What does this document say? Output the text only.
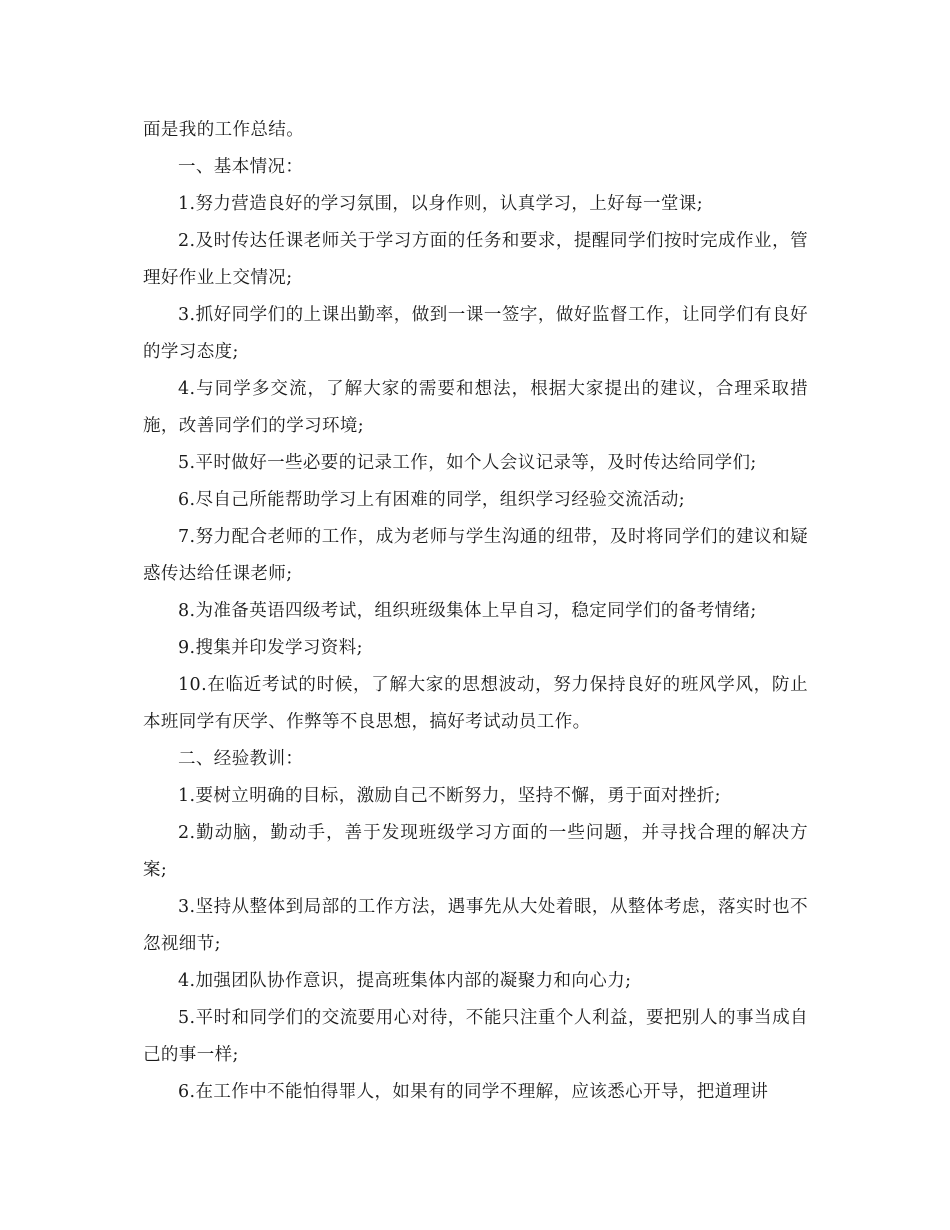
面是我的工作总结。

一、基本情况：

1.努力营造良好的学习氛围，以身作则，认真学习，上好每一堂课;

2.及时传达任课老师关于学习方面的任务和要求，提醒同学们按时完成作业，管理好作业上交情况;

3.抓好同学们的上课出勤率，做到一课一签字，做好监督工作，让同学们有良好的学习态度;

4.与同学多交流，了解大家的需要和想法，根据大家提出的建议，合理采取措施，改善同学们的学习环境;

5.平时做好一些必要的记录工作，如个人会议记录等，及时传达给同学们;

6.尽自己所能帮助学习上有困难的同学，组织学习经验交流活动;

7.努力配合老师的工作，成为老师与学生沟通的纽带，及时将同学们的建议和疑惑传达给任课老师;

8.为准备英语四级考试，组织班级集体上早自习，稳定同学们的备考情绪;

9.搜集并印发学习资料;

10.在临近考试的时候，了解大家的思想波动，努力保持良好的班风学风，防止本班同学有厌学、作弊等不良思想，搞好考试动员工作。

二、经验教训：

1.要树立明确的目标，激励自己不断努力，坚持不懈，勇于面对挫折;

2.勤动脑，勤动手，善于发现班级学习方面的一些问题，并寻找合理的解决方案;

3.坚持从整体到局部的工作方法，遇事先从大处着眼，从整体考虑，落实时也不忽视细节;

4.加强团队协作意识，提高班集体内部的凝聚力和向心力;

5.平时和同学们的交流要用心对待，不能只注重个人利益，要把别人的事当成自己的事一样;

6.在工作中不能怕得罪人，如果有的同学不理解，应该悉心开导，把道理讲
